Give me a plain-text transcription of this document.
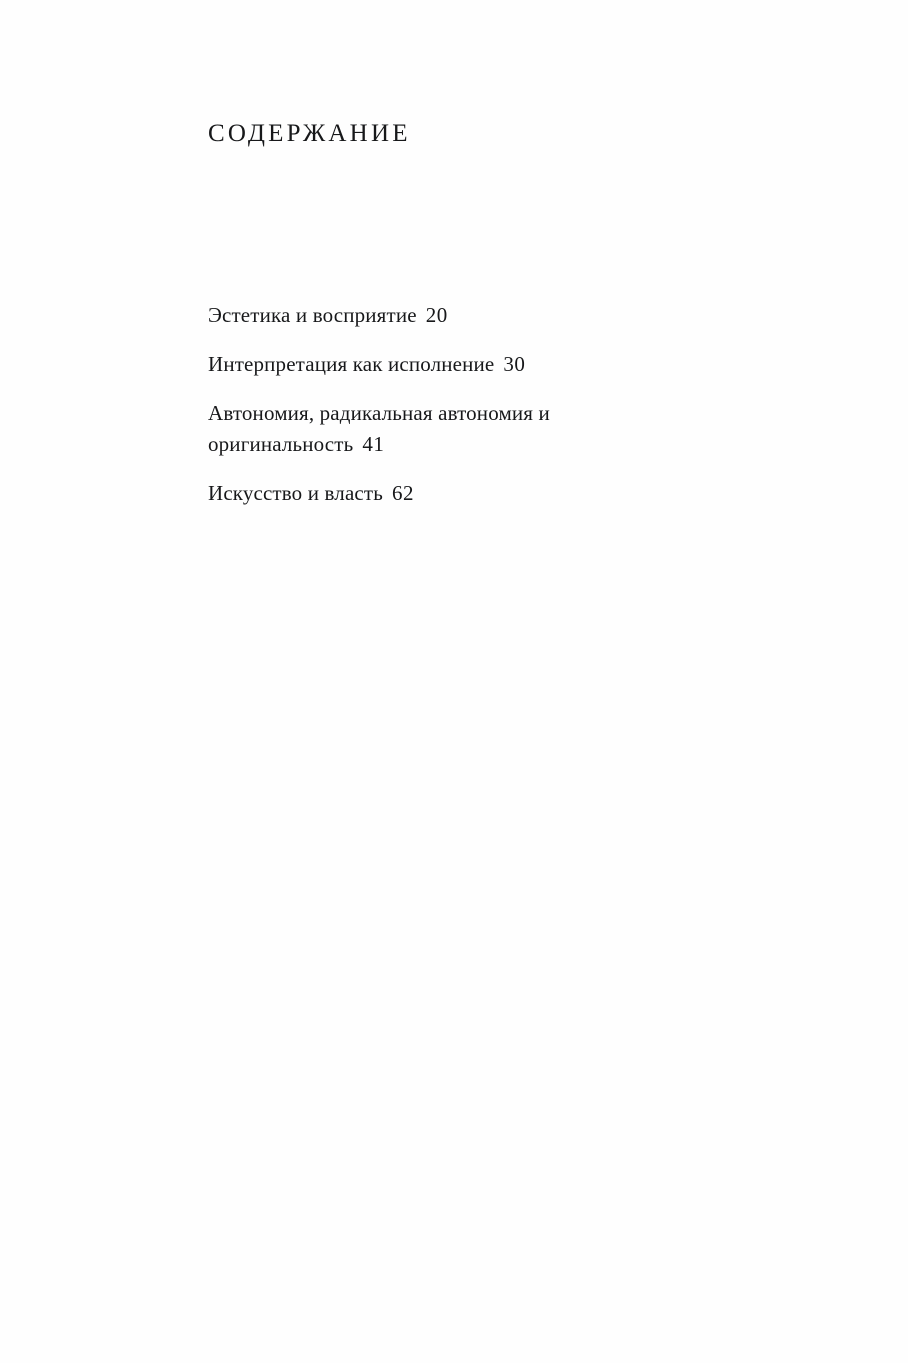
СОДЕРЖАНИЕ
Эстетика и восприятие 20
Интерпретация как исполнение 30
Автономия, радикальная автономия и оригинальность 41
Искусство и власть 62
